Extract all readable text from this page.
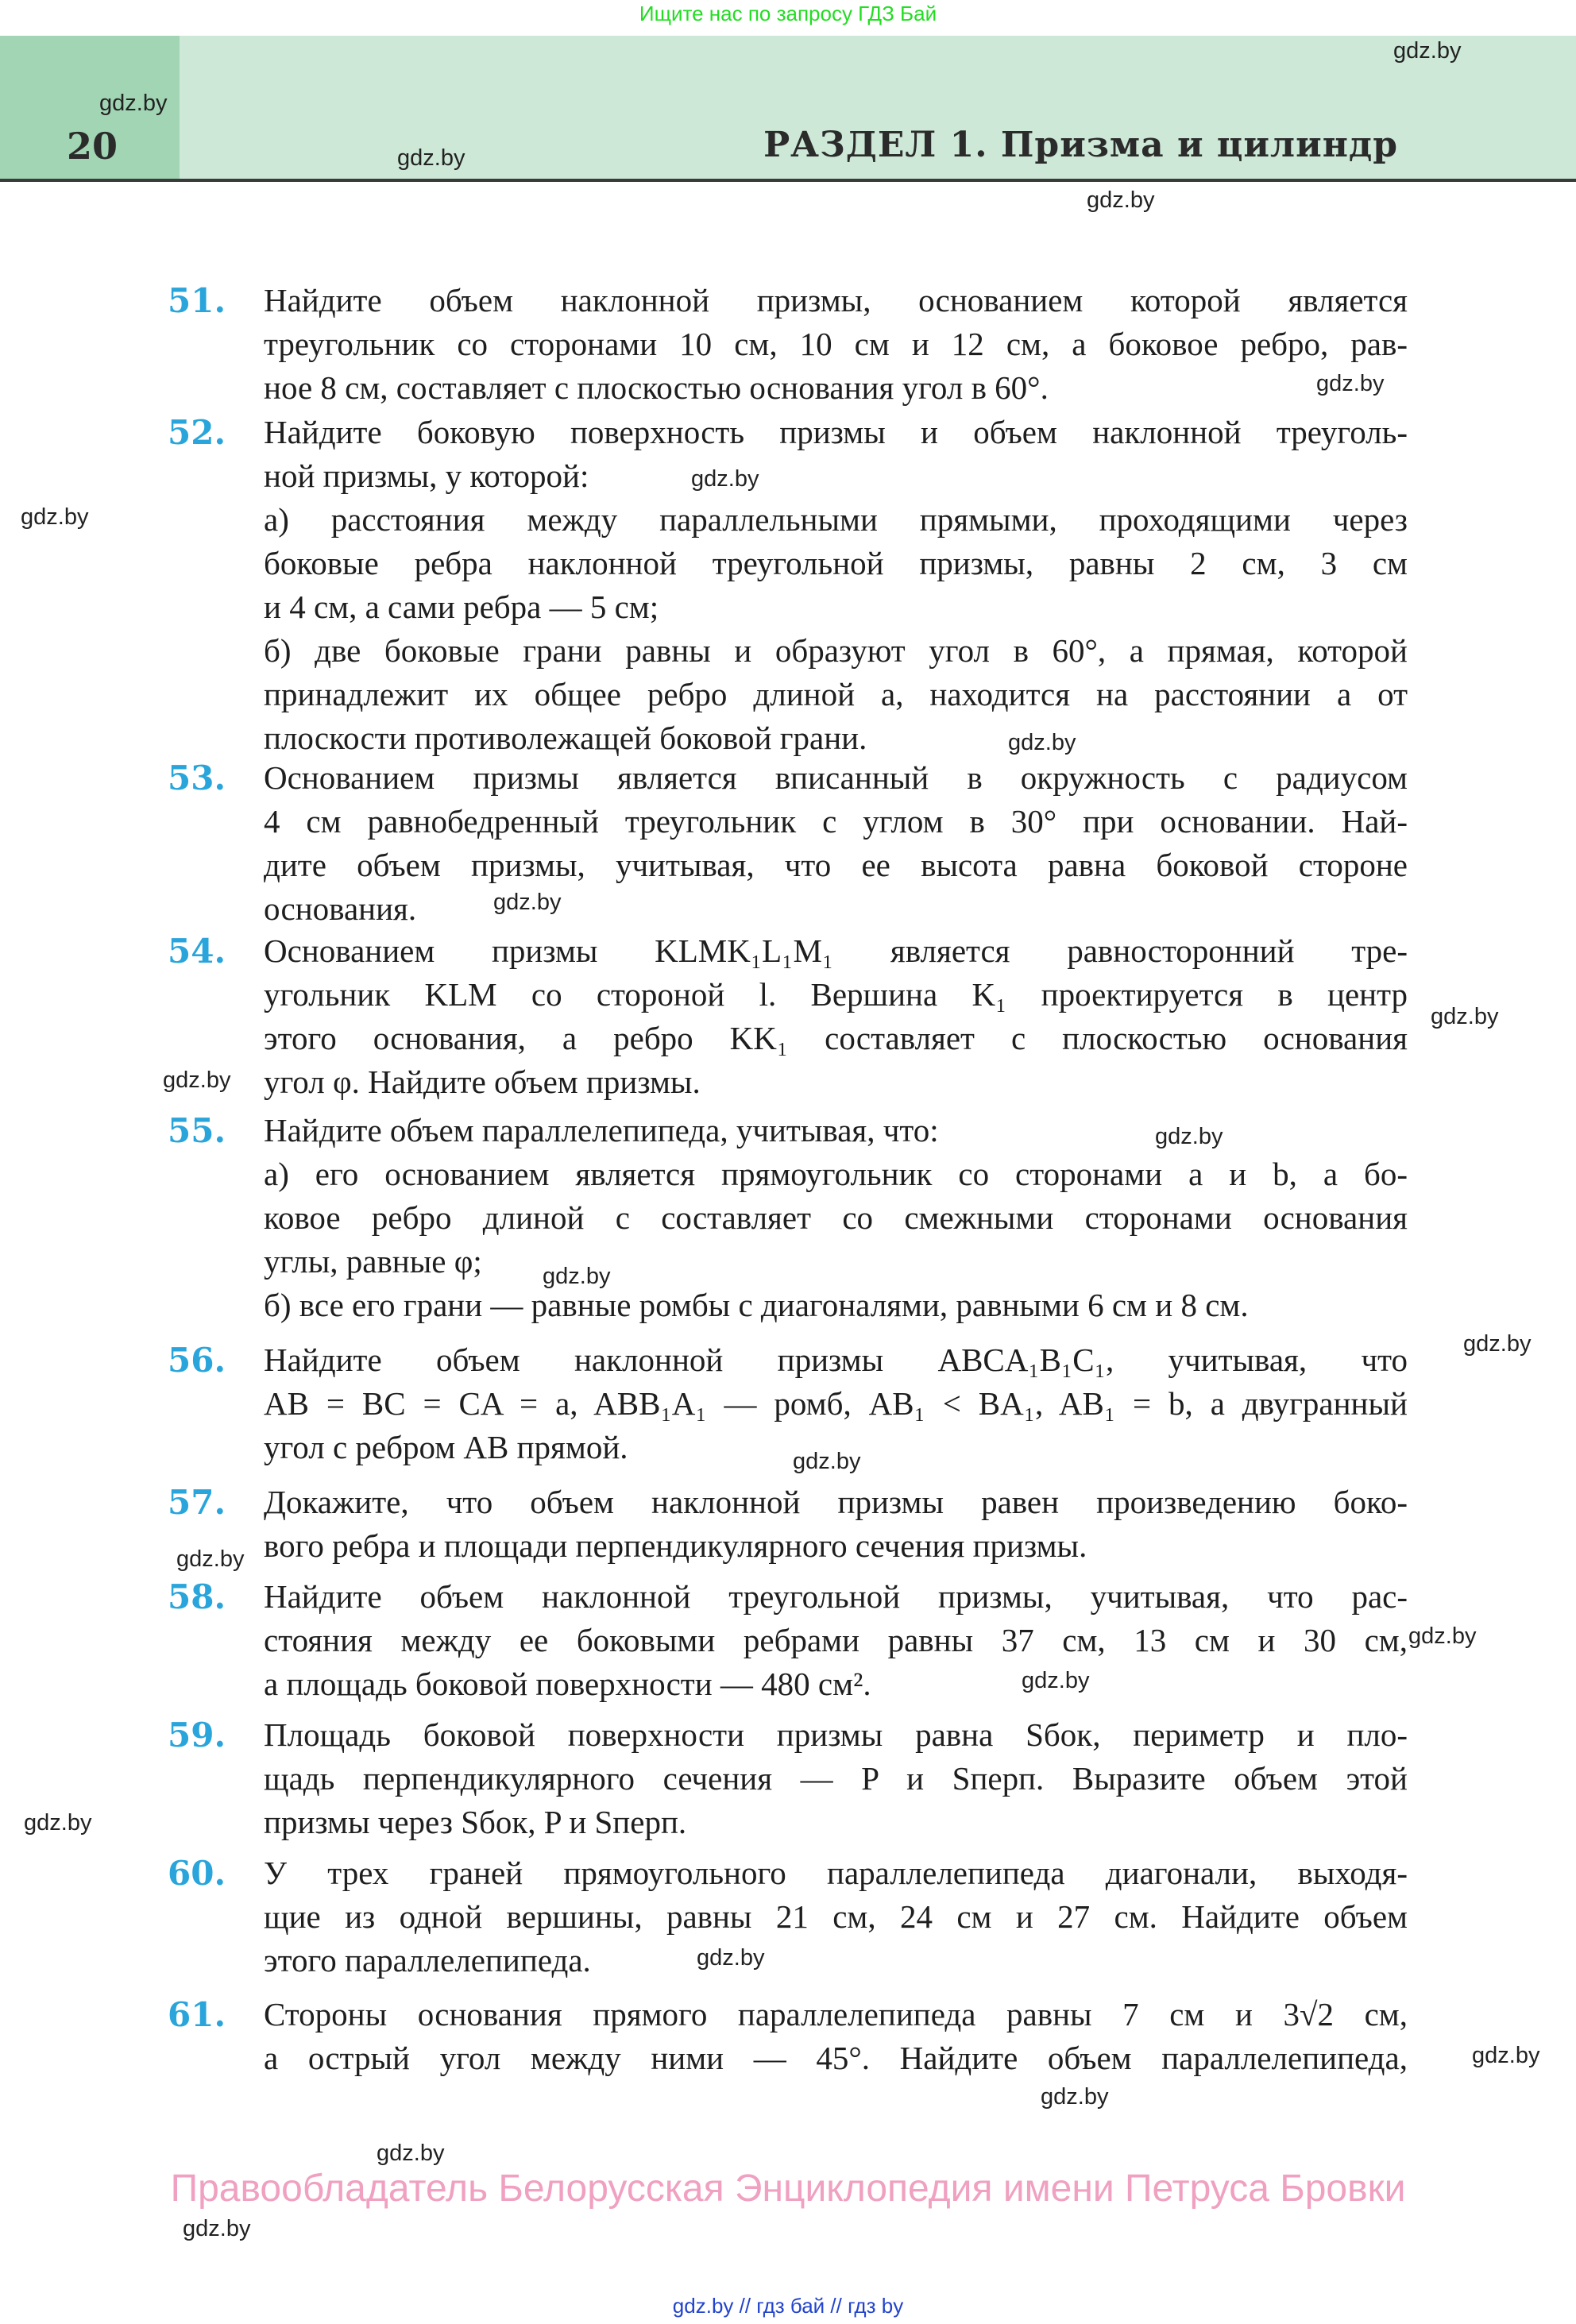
Ищите нас по запросу ГДЗ Бай
20	РАЗДЕЛ 1. Призма и цилиндр
51. Найдите объем наклонной призмы, основанием которой является
треугольник со сторонами 10 см, 10 см и 12 см, а боковое ребро, рав-
ное 8 см, составляет с плоскостью основания угол в 60°.
52. Найдите боковую поверхность призмы и объем наклонной треуголь-
ной призмы, у которой:
а) расстояния между параллельными прямыми, проходящими через
боковые ребра наклонной треугольной призмы, равны 2 см, 3 см
и 4 см, а сами ребра — 5 см;
б) две боковые грани равны и образуют угол в 60°, а прямая, которой
принадлежит их общее ребро длиной a, находится на расстоянии a от
плоскости противолежащей боковой грани.
53. Основанием призмы является вписанный в окружность с радиусом
4 см равнобедренный треугольник с углом в 30° при основании. Най-
дите объем призмы, учитывая, что ее высота равна боковой стороне
основания.
54. Основанием призмы KLMK₁L₁M₁ является равносторонний тре-
угольник KLM со стороной l. Вершина K₁ проектируется в центр
этого основания, а ребро KK₁ составляет с плоскостью основания
угол φ. Найдите объем призмы.
55. Найдите объем параллелепипеда, учитывая, что:
а) его основанием является прямоугольник со сторонами a и b, а бо-
ковое ребро длиной c составляет со смежными сторонами основания
углы, равные φ;
б) все его грани — равные ромбы с диагоналями, равными 6 см и 8 см.
56. Найдите объем наклонной призмы ABCA₁B₁C₁, учитывая, что
AB = BC = CA = a, ABB₁A₁ — ромб, AB₁ < BA₁, AB₁ = b, а двугранный
угол с ребром AB прямой.
57. Докажите, что объем наклонной призмы равен произведению боко-
вого ребра и площади перпендикулярного сечения призмы.
58. Найдите объем наклонной треугольной призмы, учитывая, что рас-
стояния между ее боковыми ребрами равны 37 см, 13 см и 30 см,
а площадь боковой поверхности — 480 см².
59. Площадь боковой поверхности призмы равна Sбок, периметр и пло-
щадь перпендикулярного сечения — P и Sперп. Выразите объем этой
призмы через Sбок, P и Sперп.
60. У трех граней прямоугольного параллелепипеда диагонали, выходя-
щие из одной вершины, равны 21 см, 24 см и 27 см. Найдите объем
этого параллелепипеда.
61. Стороны основания прямого параллелепипеда равны 7 см и 3√2 см,
а острый угол между ними — 45°. Найдите объем параллелепипеда,
gdz.by
gdz.by
gdz.by
gdz.by
gdz.by
gdz.by
gdz.by
gdz.by
gdz.by
gdz.by
gdz.by
gdz.by
gdz.by
gdz.by
gdz.by
gdz.by
gdz.by
gdz.by
gdz.by
gdz.by
gdz.by
gdz.by
gdz.by
gdz.by
Правообладатель Белорусская Энциклопедия имени Петруса Бровки
gdz.by // гдз бай // гдз by
